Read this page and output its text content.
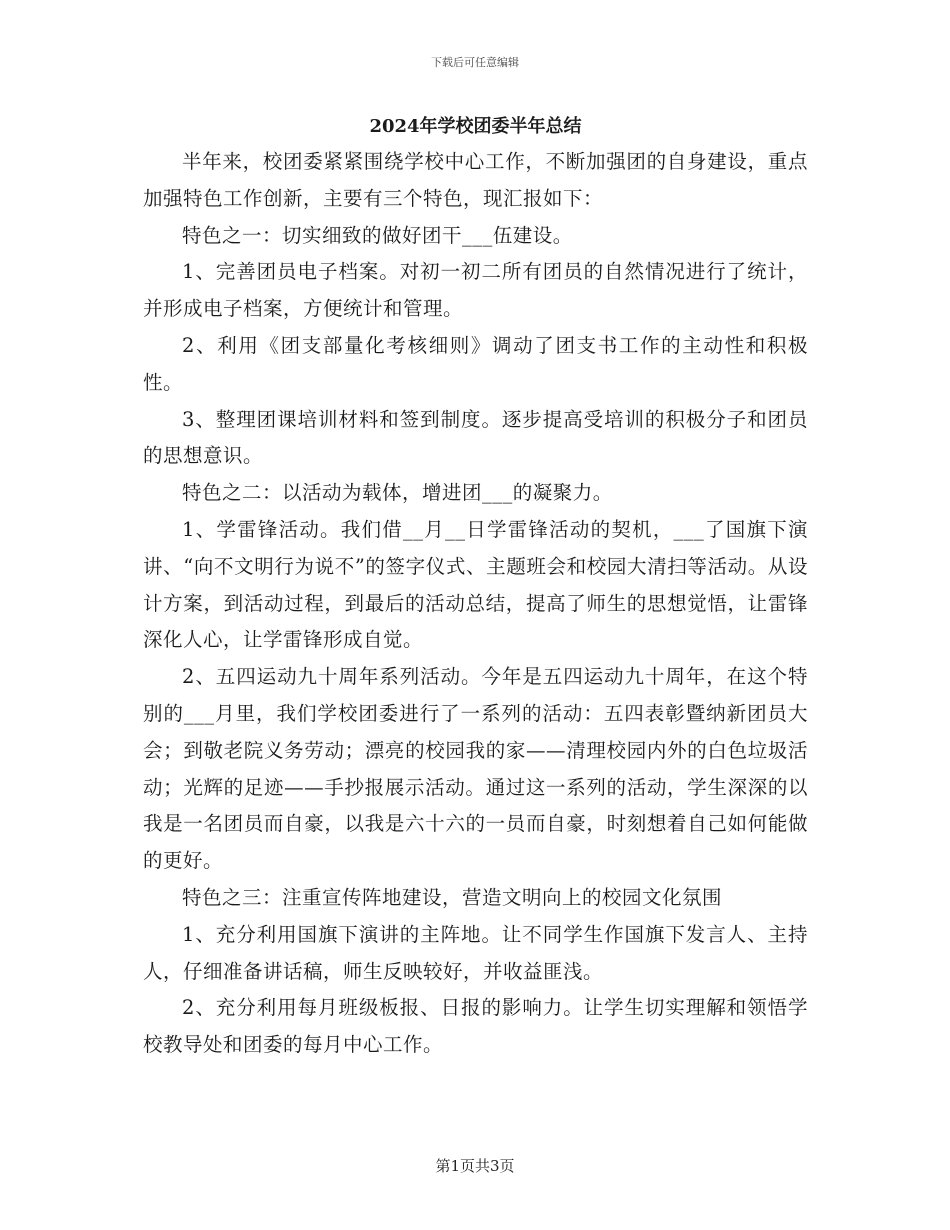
下载后可任意编辑
2024年学校团委半年总结

半年来，校团委紧紧围绕学校中心工作，不断加强团的自身建设，重点加强特色工作创新，主要有三个特色，现汇报如下：

特色之一：切实细致的做好团干___伍建设。

1、完善团员电子档案。对初一初二所有团员的自然情况进行了统计，并形成电子档案，方便统计和管理。

2、利用《团支部量化考核细则》调动了团支书工作的主动性和积极性。

3、整理团课培训材料和签到制度。逐步提高受培训的积极分子和团员的思想意识。

特色之二：以活动为载体，增进团___的凝聚力。

1、学雷锋活动。我们借__月__日学雷锋活动的契机，___了国旗下演讲、“向不文明行为说不”的签字仪式、主题班会和校园大清扫等活动。从设计方案，到活动过程，到最后的活动总结，提高了师生的思想觉悟，让雷锋深化人心，让学雷锋形成自觉。

2、五四运动九十周年系列活动。今年是五四运动九十周年，在这个特别的___月里，我们学校团委进行了一系列的活动：五四表彰暨纳新团员大会；到敬老院义务劳动；漂亮的校园我的家——清理校园内外的白色垃圾活动；光辉的足迹——手抄报展示活动。通过这一系列的活动，学生深深的以我是一名团员而自豪，以我是六十六的一员而自豪，时刻想着自己如何能做的更好。

特色之三：注重宣传阵地建设，营造文明向上的校园文化氛围

1、充分利用国旗下演讲的主阵地。让不同学生作国旗下发言人、主持人，仔细准备讲话稿，师生反映较好，并收益匪浅。

2、充分利用每月班级板报、日报的影响力。让学生切实理解和领悟学校教导处和团委的每月中心工作。

第1页共3页
